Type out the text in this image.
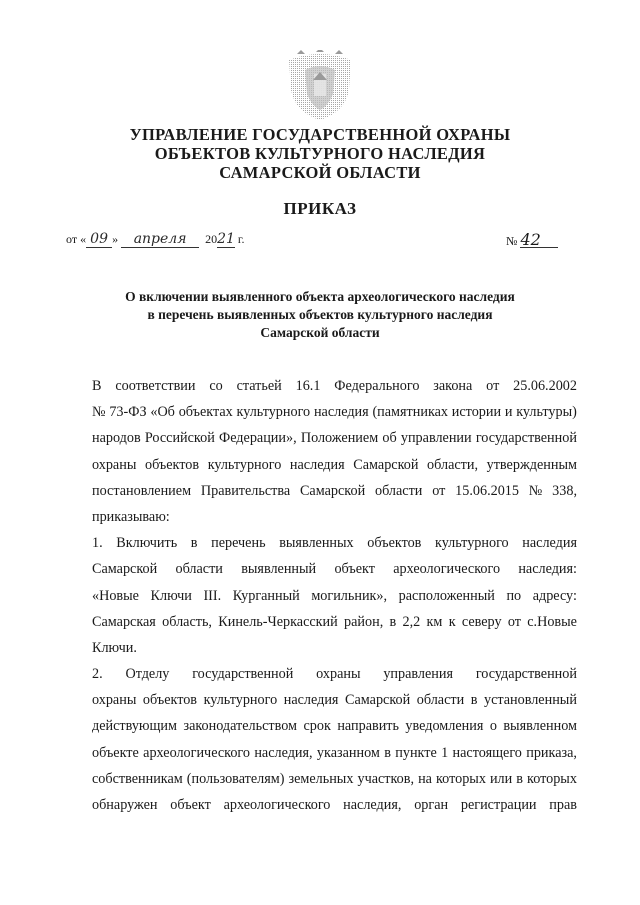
УПРАВЛЕНИЕ ГОСУДАРСТВЕННОЙ ОХРАНЫ
ОБЪЕКТОВ КУЛЬТУРНОГО НАСЛЕДИЯ
САМАРСКОЙ ОБЛАСТИ
ПРИКАЗ
от « 09 » апреля 2021 г.	№ 42
О включении выявленного объекта археологического наследия
в перечень выявленных объектов культурного наследия
Самарской области
В соответствии со статьей 16.1 Федерального закона от 25.06.2002
№ 73-ФЗ «Об объектах культурного наследия (памятниках истории и культуры)
народов Российской Федерации», Положением об управлении государственной
охраны объектов культурного наследия Самарской области, утвержденным
постановлением Правительства Самарской области от 15.06.2015 № 338,
приказываю:
1. Включить в перечень выявленных объектов культурного наследия
Самарской области выявленный объект археологического наследия:
«Новые Ключи III. Курганный могильник», расположенный по адресу:
Самарская область, Кинель-Черкасский район, в 2,2 км к северу от с.Новые
Ключи.
2. Отделу государственной охраны управления государственной
охраны объектов культурного наследия Самарской области в установленный
действующим законодательством срок направить уведомления о выявленном
объекте археологического наследия, указанном в пункте 1 настоящего приказа,
собственникам (пользователям) земельных участков, на которых или в которых
обнаружен объект археологического наследия, орган регистрации прав
